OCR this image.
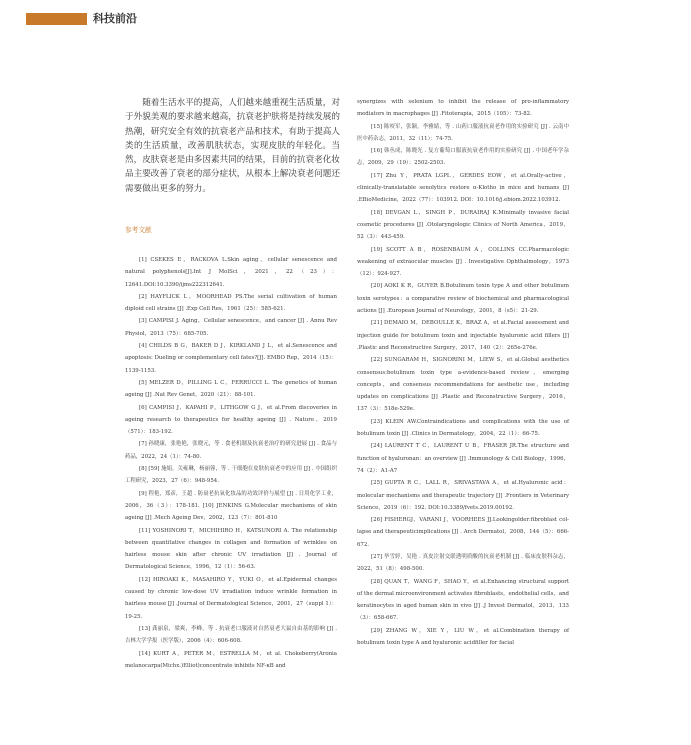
科技前沿

随着生活水平的提高，人们越来越重视生活质量，对于外貌美观的要求越来越高，抗衰老护肤将是持续发展的热潮，研究安全有效的抗衰老产品和技术，有助于提高人类的生活质量，改善肌肤状态，实现皮肤的年轻化。当然，皮肤衰老是由多因素共同的结果，目前的抗衰老化妆品主要改善了衰老的部分症状，从根本上解决衰老问题还需要做出更多的努力。

参考文献

[1] CSEKES E，RACKOVA L.Skin aging，cellular senescence and natural polyphenols[J].Int J MolSci，2021，22（23）：12641.DOI:10.3390/ijms222312641.

[2] HAYFLICK L，MOORHEAD PS.The serial cultivation of human diploid cell strains [J] .Exp Cell Res，1961（25）：585-621.

[3] CAMPISI J. Aging，Cellular senescence，and cancer [J] . Annu Rev Physiol，2013（75）：685-705.

[4] CHILDS B G，BAKER D J，KIRKLAND J L，et al.Senescence and apoptosis: Dueling or complementary cell fates?[J]. EMBO Rep，2014（15）：1139-1153.

[5] MELZER D，PILLING L C，FERRUCCI L. The genetics of human ageing [J] .Nat Rev Genet，2020（21）：88-101.

[6] CAMPISI J，KAPAHI P，LITHGOW G J，et al.From discoveries in ageing research to therapeutics for healthy ageing [J] . Nature，2019（571）：183-192.

[7] 孙晓康，张艳艳，张晓元，等 . 食老机制及抗衰老治疗的研究进展 [J] . 食品与药品，2022，24（1）：74-80.

[8] [59] 施娟，关雍琳，杨丽蓉，等 . 干细胞在皮肤抗衰老中的应用 [J] . 中国组织工程研究，2023，27（6）：948-954.

[9] 程艳，郑彦，王超 . 防衰老抗氧化妆品的功效评价与展望 [J] . 日用化学工业，2006，36（3）：178-181. [10] JENKINS G.Molecular mechanisms of skin ageing [J] .Mech Ageing Dev，2002，123（7）：801-810

[11] YOSHINORI T，MICHIHIRO H，KATSUNORI A. The relationship between quantitative changes in collagen and formation of wrinkles on hairless mouse skin after chronic UV irradiation [J] . Journal of Dermatological Science，1996，12（1）：56-63.

[12] HIROAKI K，MASAHIRO Y，YUKI O，et al.Epidermal changes caused by chronic low-dose UV irradiation induce wrinkle formation in hairless mouse [J] .Journal of Dermatological Science，2001，27（suppl 1）：19-25.

[13] 龚丽泉，梁爽，李峰，等 . 抗衰老口服液对自然衰老大鼠自由基的影响 [J] . 吉林大学学报（医学版），2006（4）：606-608.

[14] KURT A，PETER M，ESTRELLA M，et al. Chokeberry(Aronia melanocarpa(Michx.)Elliot)concentrate inhibits NF-κB and

synergizes with selenium to inhibit the release of pro-inflammatory mediators in macrophages [J] .Fitoterapia，2015（105）：73-82.

[15] 陈咬军，张颖，李雅婧，等 . 山药口服液抗衰老作用的实验研究 [J] . 云南中医中药杂志，2011，32（11）：74-75.

[16] 韩丛成，陈晓光 . 复方葡萄口服液抗衰老作用的实验研究 [J] . 中国老年学杂志，2009，29（19）：2502-2503.

[17] Zhu Y，PRATA LGPL，GERDES EOW，et al.Orally-active，clinically-translatable senolytics restore α-Klotho in mice and humans [J] .EBioMedicine，2022（77）：103912. DOI：10.1016/j.ebiom.2022.103912.

[18] DEVGAN L，SINGH P，DURAIRAJ K.Minimally invasive facial cosmetic procedures [J] .Otolaryngologic Clinics of North America，2019，52（3）：443-459.

[19] SCOTT A B，ROSENBAUM A，COLLINS CC.Pharmacologic weakening of extraocular muscles [J] . Investigative Ophthalmology，1973（12）：924-927.

[20] AOKI K R，GUYER B.Botulinum toxin type A and other botulinum toxin serotypes：a comparative review of biochemical and pharmacological actions [J] .European Journal of Neurology，2001，8（s5）：21-29.

[21] DEMAIO M，DEBOULLE K，BRAZ A，et al.Facial assessment and injection guide for botulinum toxin and injectable hyaluronic acid fillers [J] .Plastic and Reconstructive Surgery，2017，140（2）：265e-276e.

[22] SUNGARAM H，SIGNORINI M，LIEW S，et al.Global aesthetics consensus:botulinum toxin type a-evidence-based review，emerging concepts，and consensus recommendations for aesthetic use，including updates on complications [J] .Plastic and Reconstructive Surgery，2016，137（3）：518e-529e.

[23] KLEIN AW.Contraindications and complications with the use of botulinum toxin [J] .Clinics in Dermatology，2004，22（1）：66-75.

[24] LAURENT T C，LAURENT U B，FRASER JR.The structure and function of hyaluronan：an overview [J] .Immunology & Cell Biology，1996，74（2）：A1-A7

[25] GUPTA R C，LALL R，SRIVASTAVA A，et al.Hyaluronic acid：molecular mechanisms and therapeutic trajectory [J] .Frontiers in Veterinary Science，2019（6）：192. DOI:10.3389/fvets.2019.00192.

[26] FISHERGJ，VARANI J，VOORHEES JJ.Lookingolder:fibroblast col-lapse and therapeuticimplications [J] . Arch Dermatol，2008，144（5）：666-672.

[27] 毕雪婷，吴艳 . 真皮注射交联透明质酸的抗衰老机制 [J] . 临床皮肤科杂志，2022，51（8）：498-500.

[28] QUAN T，WANG F，SHAO Y，et al.Enhancing structural support of the dermal microenvironment activates fibroblasts，endothelial cells，and keratinocytes in aged human skin in vivo [J] .J Invest Dermatol，2013，133（3）：658-667.

[29] ZHANG W，XIE Y，LIU W，et al.Combination therapy of botulinum toxin type A and hyaluronic acidfiller for facial
